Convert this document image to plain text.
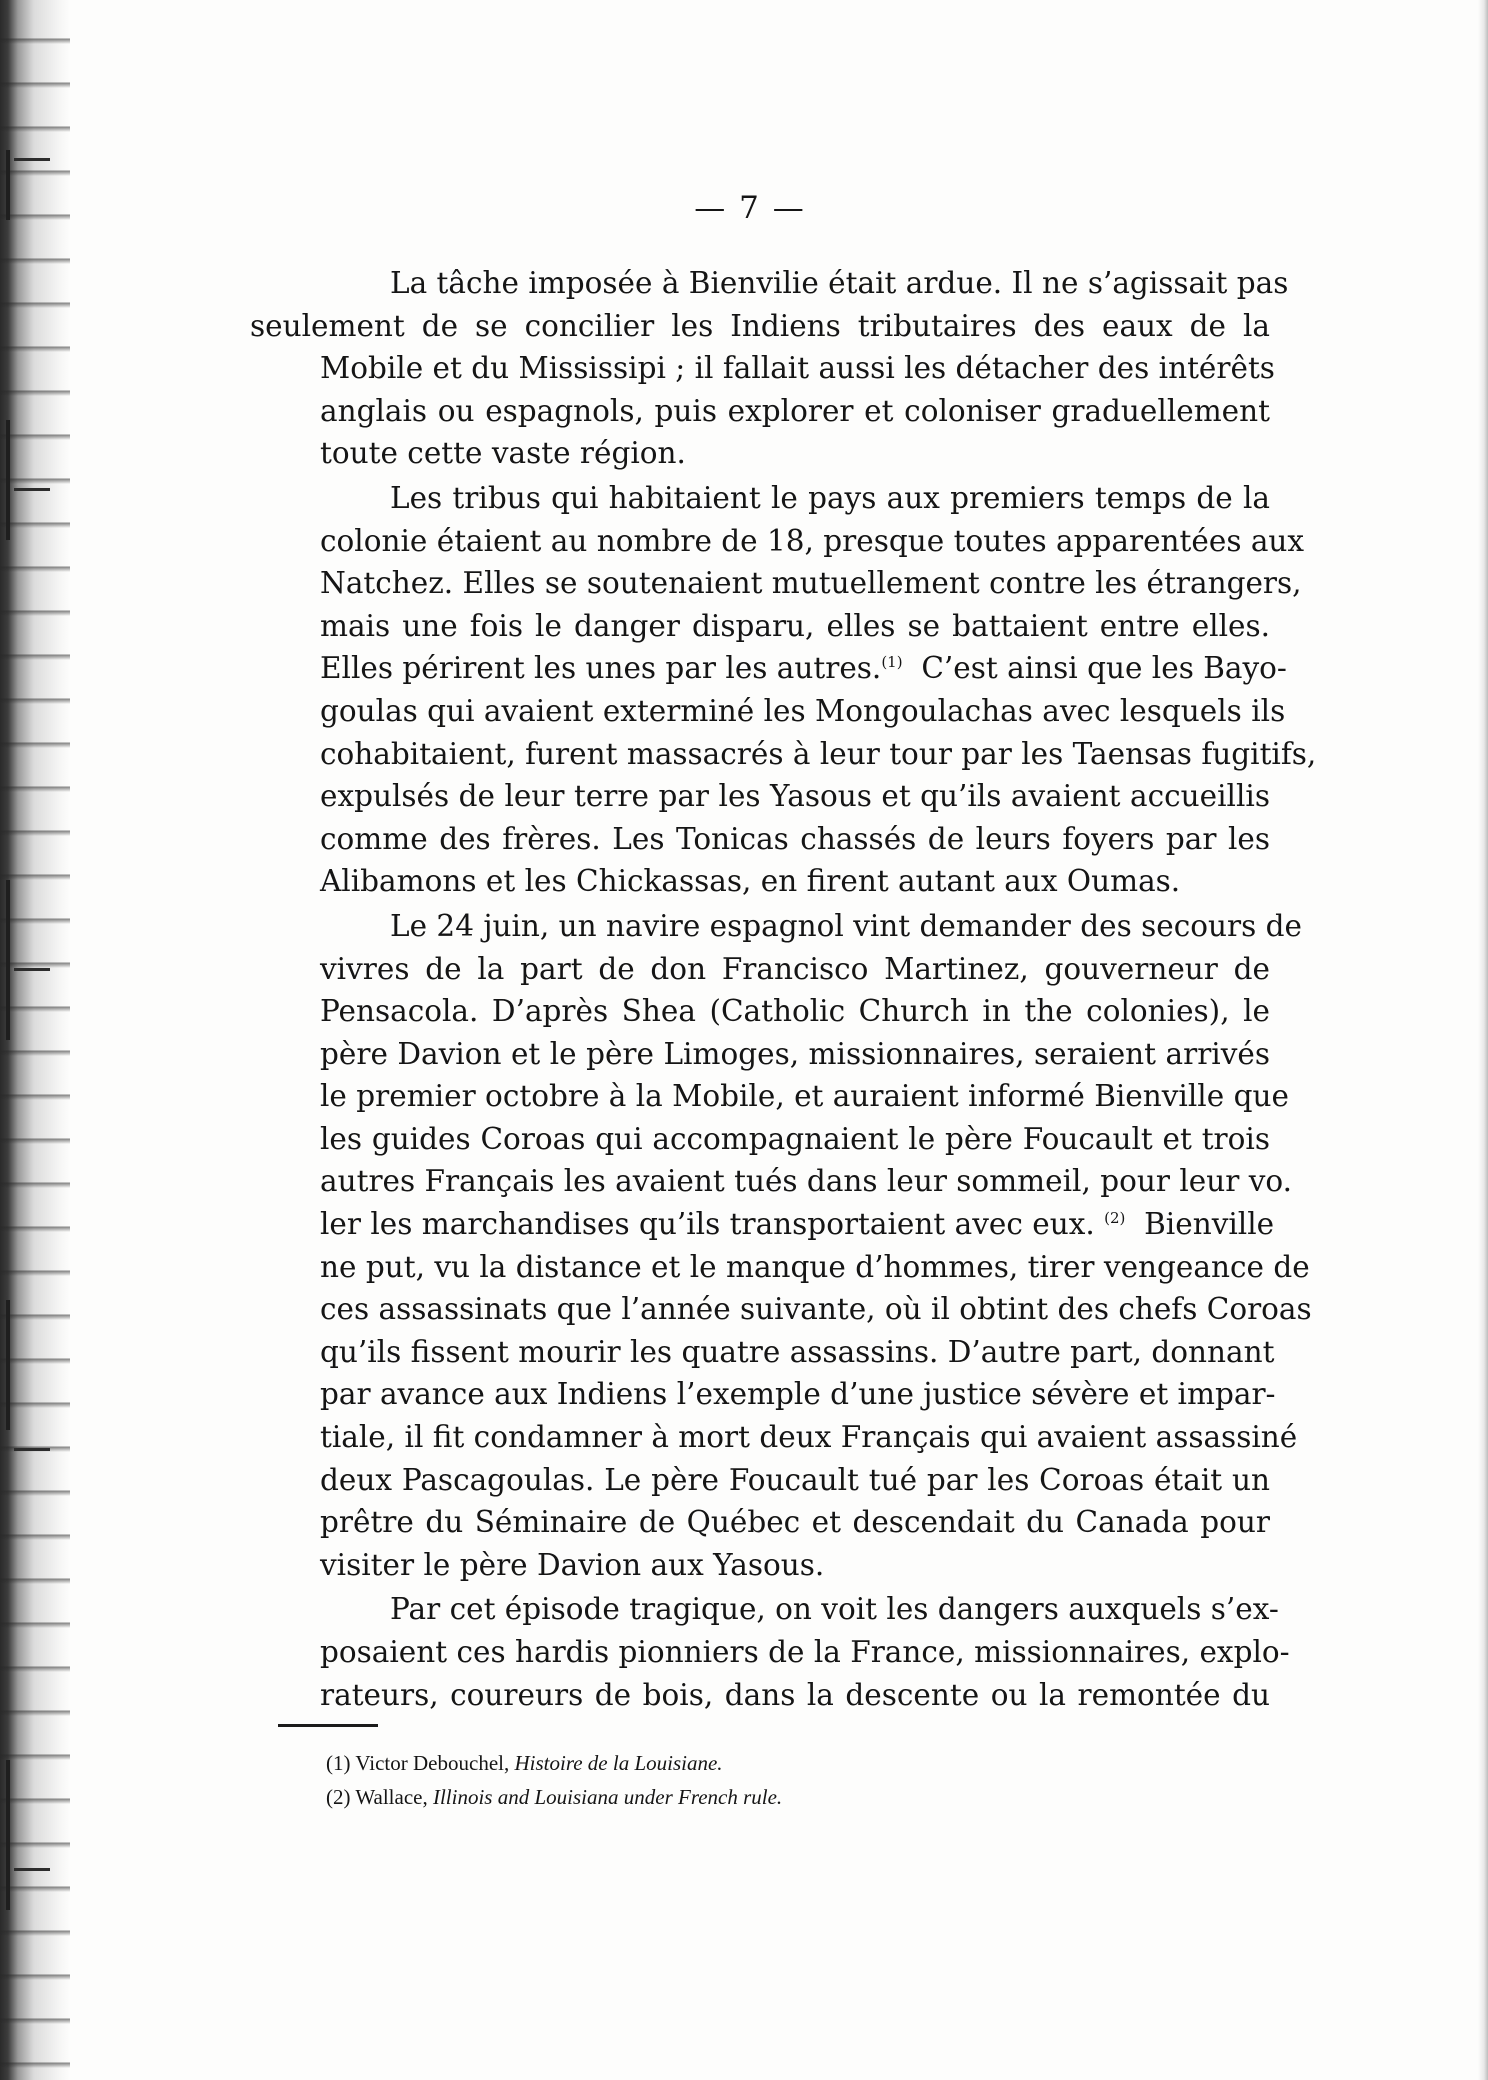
— 7 —

La tâche imposée à Bienvilie était ardue. Il ne s’agissait pas
seulement de se concilier les Indiens tributaires des eaux de la
Mobile et du Mississipi ; il fallait aussi les détacher des intérêts
anglais ou espagnols, puis explorer et coloniser graduellement
toute cette vaste région.

Les tribus qui habitaient le pays aux premiers temps de la
colonie étaient au nombre de 18, presque toutes apparentées aux
Natchez. Elles se soutenaient mutuellement contre les étrangers,
mais une fois le danger disparu, elles se battaient entre elles.
Elles périrent les unes par les autres.$^{(1)}$ C’est ainsi que les Bayo-
goulas qui avaient exterminé les Mongoulachas avec lesquels ils
cohabitaient, furent massacrés à leur tour par les Taensas fugitifs,
expulsés de leur terre par les Yasous et qu’ils avaient accueillis
comme des frères. Les Tonicas chassés de leurs foyers par les
Alibamons et les Chickassas, en firent autant aux Oumas.

Le 24 juin, un navire espagnol vint demander des secours de
vivres de la part de don Francisco Martinez, gouverneur de
Pensacola. D’après Shea (Catholic Church in the colonies), le
père Davion et le père Limoges, missionnaires, seraient arrivés
le premier octobre à la Mobile, et auraient informé Bienville que
les guides Coroas qui accompagnaient le père Foucault et trois
autres Français les avaient tués dans leur sommeil, pour leur vo.
ler les marchandises qu’ils transportaient avec eux. $^{(2)}$ Bienville
ne put, vu la distance et le manque d’hommes, tirer vengeance de
ces assassinats que l’année suivante, où il obtint des chefs Coroas
qu’ils fissent mourir les quatre assassins. D’autre part, donnant
par avance aux Indiens l’exemple d’une justice sévère et impar-
tiale, il fit condamner à mort deux Français qui avaient assassiné
deux Pascagoulas. Le père Foucault tué par les Coroas était un
prêtre du Séminaire de Québec et descendait du Canada pour
visiter le père Davion aux Yasous.

Par cet épisode tragique, on voit les dangers auxquels s’ex-
posaient ces hardis pionniers de la France, missionnaires, explo-
rateurs, coureurs de bois, dans la descente ou la remontée du

(1) Victor Debouchel, Histoire de la Louisiane.
(2) Wallace, Illinois and Louisiana under French rule.
